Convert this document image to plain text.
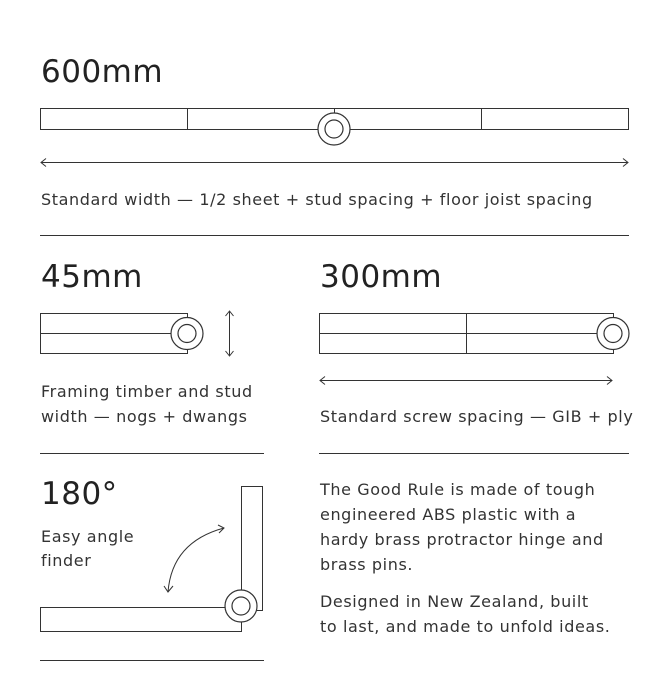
600mm
Standard width — 1/2 sheet + stud spacing + floor joist spacing
45mm
Framing timber and stud
width — nogs + dwangs
300mm
Standard screw spacing — GIB + ply
180°
Easy angle
finder
The Good Rule is made of tough
engineered ABS plastic with a
hardy brass protractor hinge and
brass pins.
Designed in New Zealand, built
to last, and made to unfold ideas.
